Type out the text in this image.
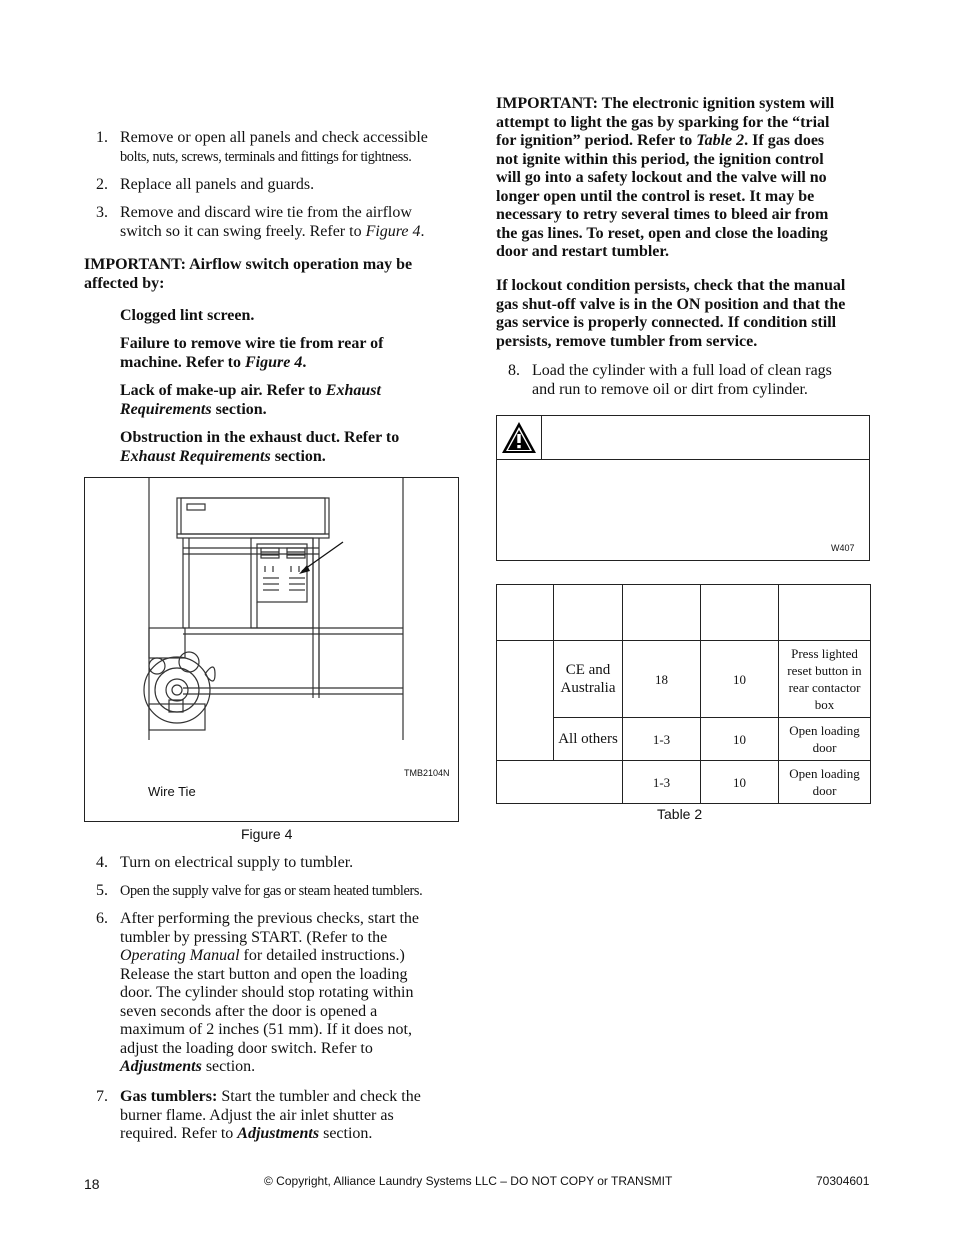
1. Remove or open all panels and check accessible
bolts, nuts, screws, terminals and fittings for tightness.
2. Replace all panels and guards.
3. Remove and discard wire tie from the airflow
switch so it can swing freely. Refer to Figure 4.
IMPORTANT: Airflow switch operation may be affected by:
Clogged lint screen.
Failure to remove wire tie from rear of
machine. Refer to Figure 4.
Lack of make-up air. Refer to Exhaust
Requirements section.
Obstruction in the exhaust duct. Refer to
Exhaust Requirements section.
TMB2104N
Wire Tie
Figure 4
4. Turn on electrical supply to tumbler.
5. Open the supply valve for gas or steam heated tumblers.
6. After performing the previous checks, start the
tumbler by pressing START. (Refer to the
Operating Manual for detailed instructions.)
Release the start button and open the loading
door. The cylinder should stop rotating within
seven seconds after the door is opened a
maximum of 2 inches (51 mm). If it does not,
adjust the loading door switch. Refer to
Adjustments section.
7. Gas tumblers: Start the tumbler and check the
burner flame. Adjust the air inlet shutter as
required. Refer to Adjustments section.
IMPORTANT: The electronic ignition system will
attempt to light the gas by sparking for the “trial
for ignition” period. Refer to Table 2. If gas does
not ignite within this period, the ignition control
will go into a safety lockout and the valve will no
longer open until the control is reset. It may be
necessary to retry several times to bleed air from
the gas lines. To reset, open and close the loading
door and restart tumbler.
If lockout condition persists, check that the manual
gas shut-off valve is in the ON position and that the
gas service is properly connected. If condition still
persists, remove tumbler from service.
8. Load the cylinder with a full load of clean rags
and run to remove oil or dirt from cylinder.
W407

	CE and Australia	18	10	Press lighted reset button in rear contactor box
	All others	1-3	10	Open loading door
		1-3	10	Open loading door
Table 2
18	© Copyright, Alliance Laundry Systems LLC – DO NOT COPY or TRANSMIT	70304601
